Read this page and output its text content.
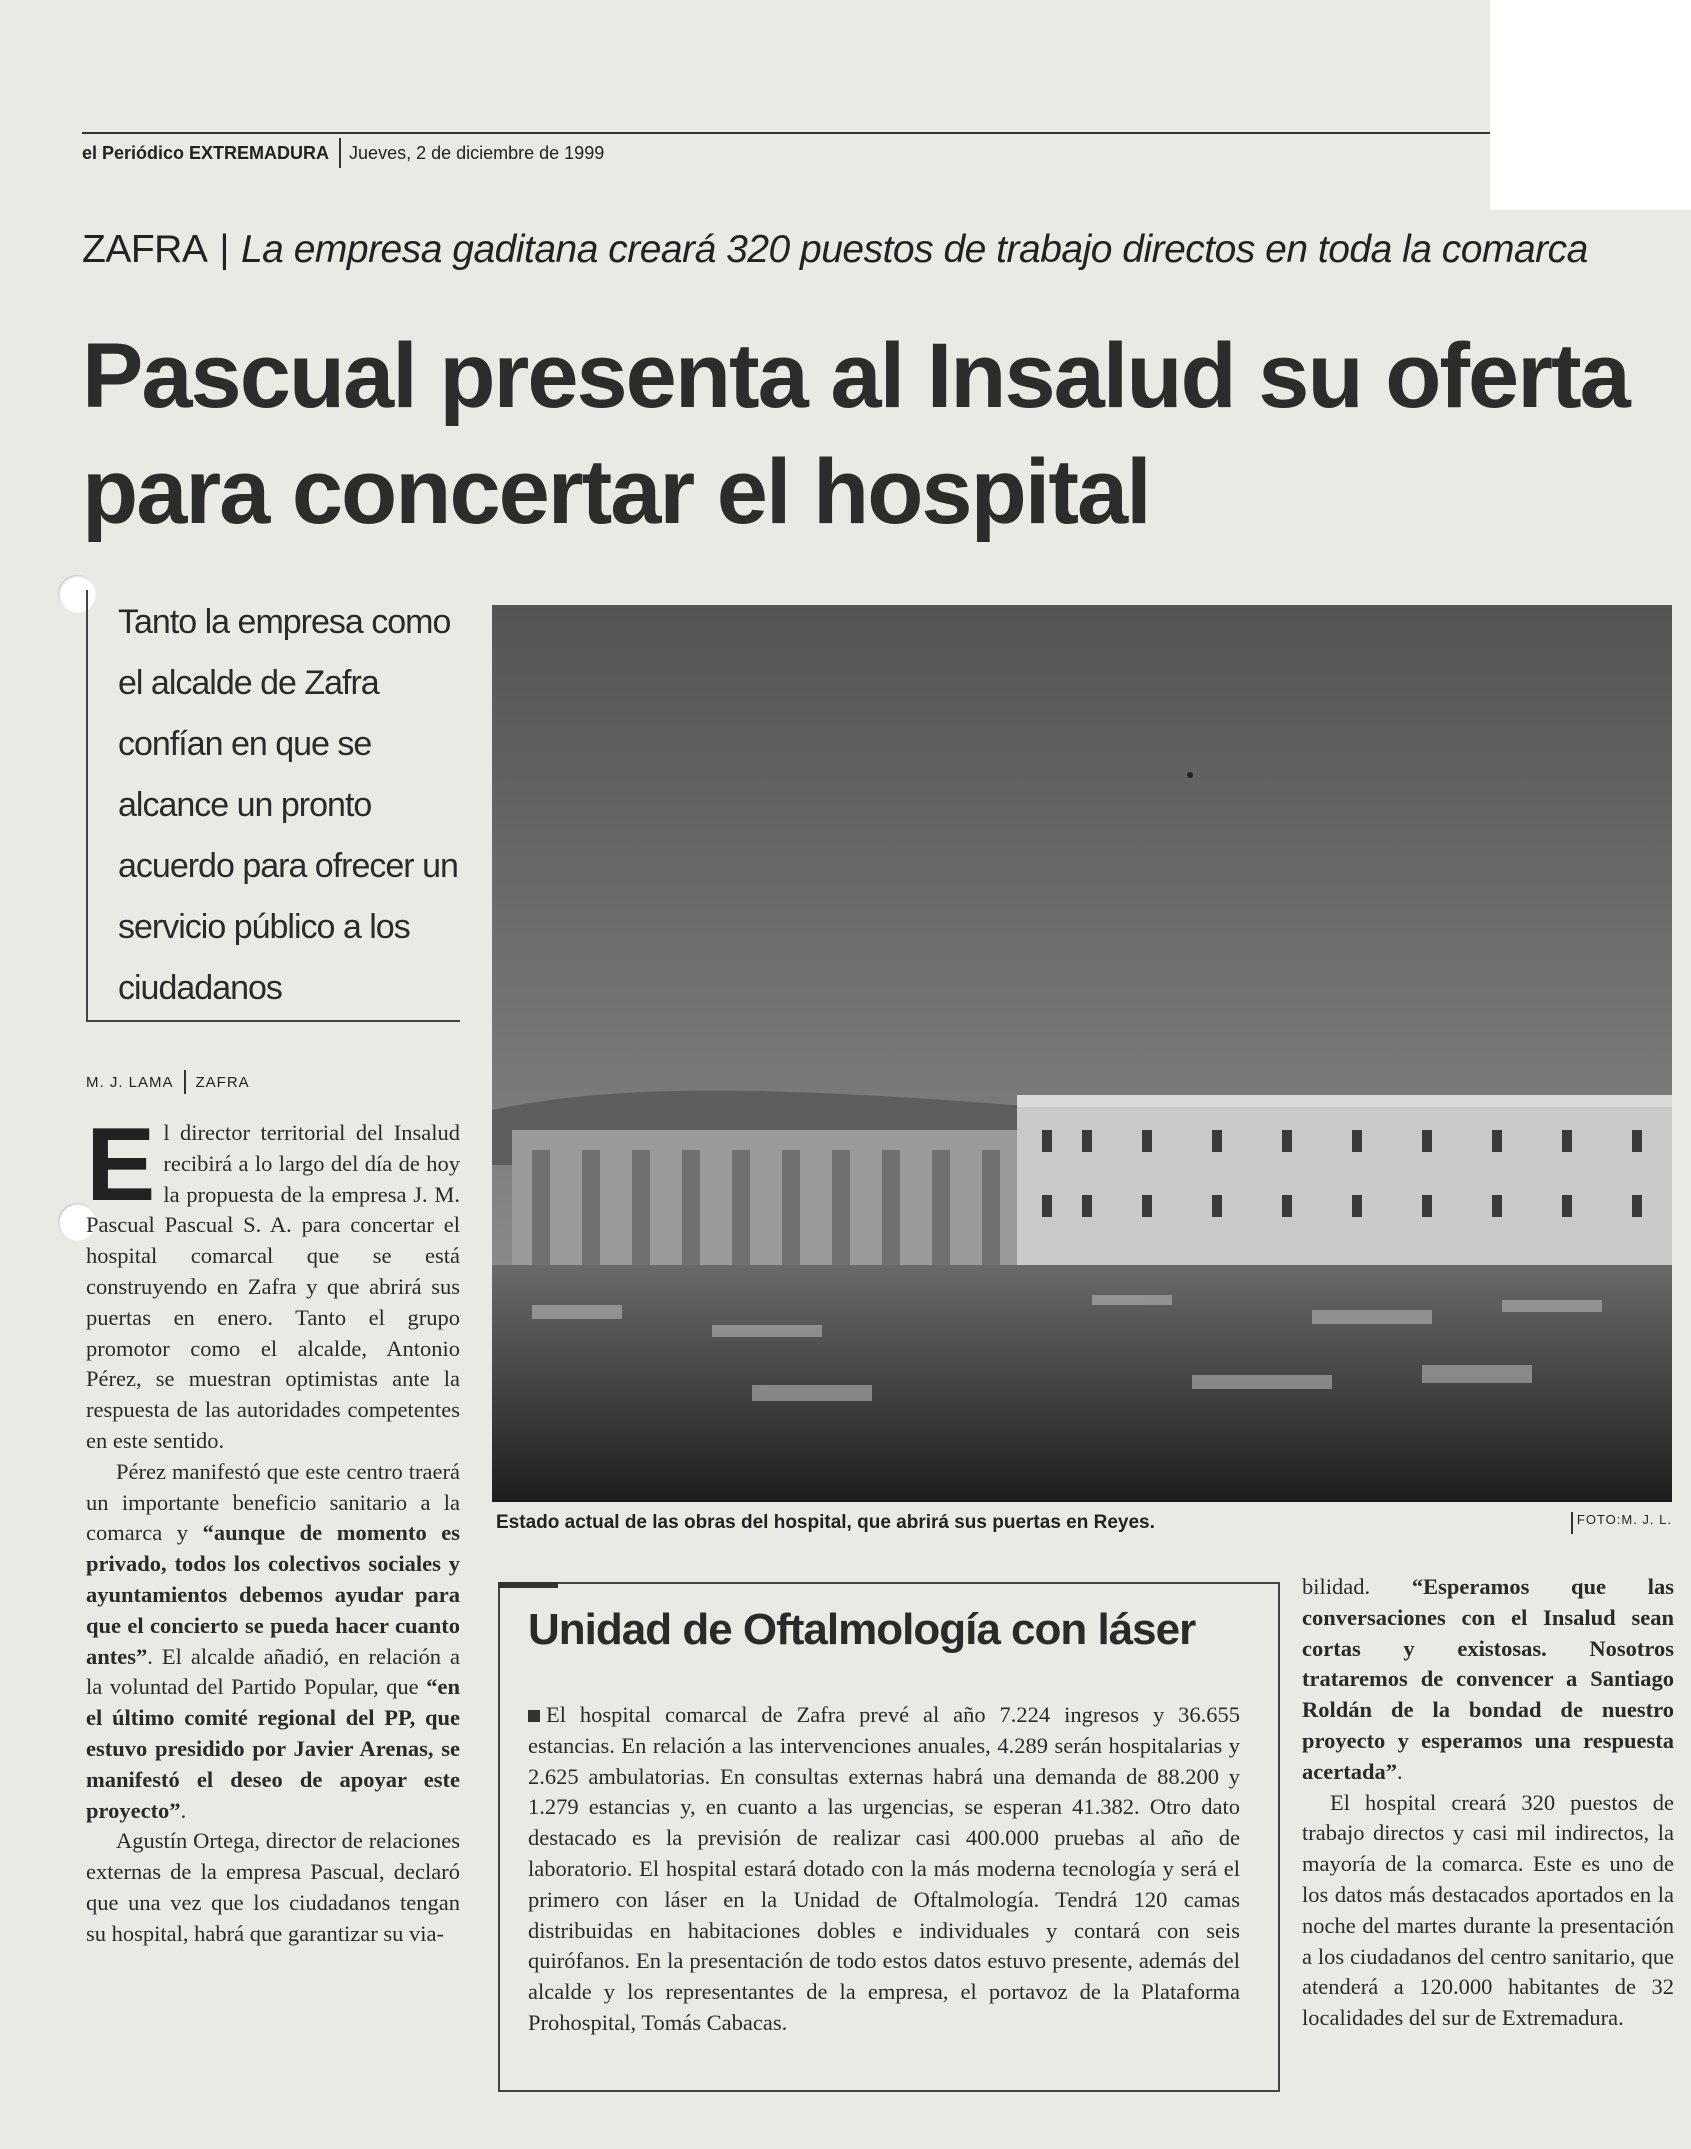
el Periódico EXTREMADURA	Jueves, 2 de diciembre de 1999
ZAFRA | La empresa gaditana creará 320 puestos de trabajo directos en toda la comarca
Pascual presenta al Insalud su oferta para concertar el hospital
Tanto la empresa como el alcalde de Zafra confían en que se alcance un pronto acuerdo para ofrecer un servicio público a los ciudadanos
M. J. LAMA ZAFRA

El director territorial del Insalud recibirá a lo largo del día de hoy la propuesta de la empresa J. M. Pascual Pascual S. A. para concertar el hospital comarcal que se está construyendo en Zafra y que abrirá sus puertas en enero. Tanto el grupo promotor como el alcalde, Antonio Pérez, se muestran optimistas ante la respuesta de las autoridades competentes en este sentido.

Pérez manifestó que este centro traerá un importante beneficio sanitario a la comarca y “aunque de momento es privado, todos los colectivos sociales y ayuntamientos debemos ayudar para que el concierto se pueda hacer cuanto antes”. El alcalde añadió, en relación a la voluntad del Partido Popular, que “en el último comité regional del PP, que estuvo presidido por Javier Arenas, se manifestó el deseo de apoyar este proyecto”.

Agustín Ortega, director de relaciones externas de la empresa Pascual, declaró que una vez que los ciudadanos tengan su hospital, habrá que garantizar su via-

Estado actual de las obras del hospital, que abrirá sus puertas en Reyes.	FOTO:M. J. L.
Unidad de Oftalmología con láser
El hospital comarcal de Zafra prevé al año 7.224 ingresos y 36.655 estancias. En relación a las intervenciones anuales, 4.289 serán hospitalarias y 2.625 ambulatorias. En consultas externas habrá una demanda de 88.200 y 1.279 estancias y, en cuanto a las urgencias, se esperan 41.382. Otro dato destacado es la previsión de realizar casi 400.000 pruebas al año de laboratorio. El hospital estará dotado con la más moderna tecnología y será el primero con láser en la Unidad de Oftalmología. Tendrá 120 camas distribuidas en habitaciones dobles e individuales y contará con seis quirófanos. En la presentación de todo estos datos estuvo presente, además del alcalde y los representantes de la empresa, el portavoz de la Plataforma Prohospital, Tomás Cabacas.

bilidad. “Esperamos que las conversaciones con el Insalud sean cortas y existosas. Nosotros trataremos de convencer a Santiago Roldán de la bondad de nuestro proyecto y esperamos una respuesta acertada”.

El hospital creará 320 puestos de trabajo directos y casi mil indirectos, la mayoría de la comarca. Este es uno de los datos más destacados aportados en la noche del martes durante la presentación a los ciudadanos del centro sanitario, que atenderá a 120.000 habitantes de 32 localidades del sur de Extremadura.
